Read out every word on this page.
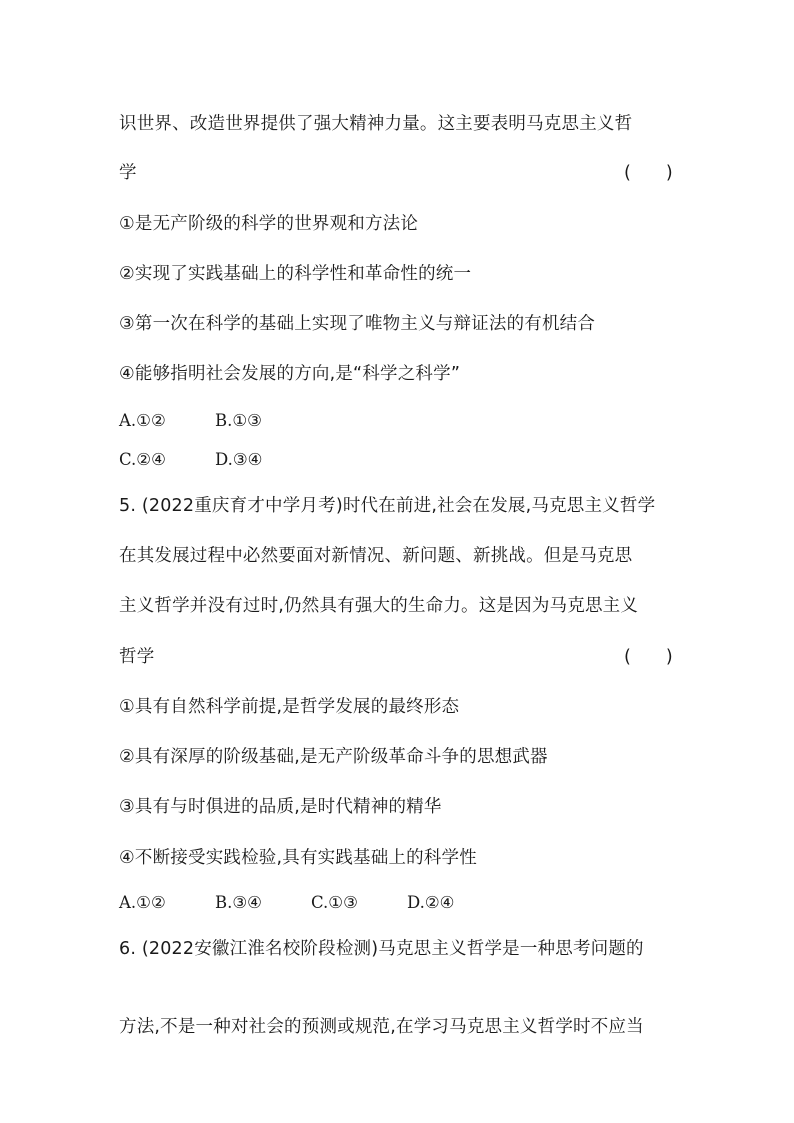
识世界、改造世界提供了强大精神力量。这主要表明马克思主义哲
学	(　　)
①是无产阶级的科学的世界观和方法论
②实现了实践基础上的科学性和革命性的统一
③第一次在科学的基础上实现了唯物主义与辩证法的有机结合
④能够指明社会发展的方向,是“科学之科学”
A.①②	B.①③
C.②④	D.③④
5. (2022重庆育才中学月考)时代在前进,社会在发展,马克思主义哲学
在其发展过程中必然要面对新情况、新问题、新挑战。但是马克思
主义哲学并没有过时,仍然具有强大的生命力。这是因为马克思主义
哲学	(　　)
①具有自然科学前提,是哲学发展的最终形态
②具有深厚的阶级基础,是无产阶级革命斗争的思想武器
③具有与时俱进的品质,是时代精神的精华
④不断接受实践检验,具有实践基础上的科学性
A.①②	B.③④	C.①③	D.②④
6. (2022安徽江淮名校阶段检测)马克思主义哲学是一种思考问题的
方法,不是一种对社会的预测或规范,在学习马克思主义哲学时不应当
